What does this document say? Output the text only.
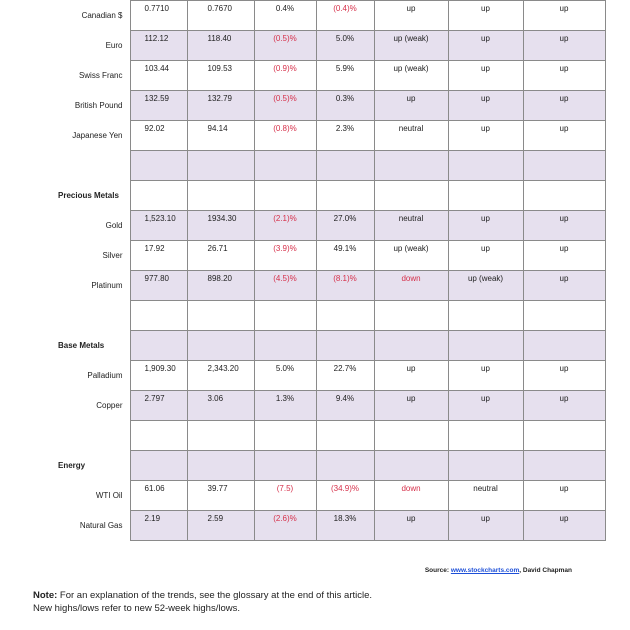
Canadian $	0.7710	0.7670	0.4%	(0.4)%	up	up	up
Euro	112.12	118.40	(0.5)%	5.0%	up (weak)	up	up
Swiss Franc	103.44	109.53	(0.9)%	5.9%	up (weak)	up	up
British Pound	132.59	132.79	(0.5)%	0.3%	up	up	up
Japanese Yen	92.02	94.14	(0.8)%	2.3%	neutral	up	up

Precious Metals							
Gold	1,523.10	1934.30	(2.1)%	27.0%	neutral	up	up
Silver	17.92	26.71	(3.9)%	49.1%	up (weak)	up	up
Platinum	977.80	898.20	(4.5)%	(8.1)%	down	up (weak)	up

Base Metals							
Palladium	1,909.30	2,343.20	5.0%	22.7%	up	up	up
Copper	2.797	3.06	1.3%	9.4%	up	up	up

Energy							
WTI Oil	61.06	39.77	(7.5)	(34.9)%	down	neutral	up
Natural Gas	2.19	2.59	(2.6)%	18.3%	up	up	up
Source: www.stockcharts.com, David Chapman
Note: For an explanation of the trends, see the glossary at the end of this article.
New highs/lows refer to new 52-week highs/lows.
